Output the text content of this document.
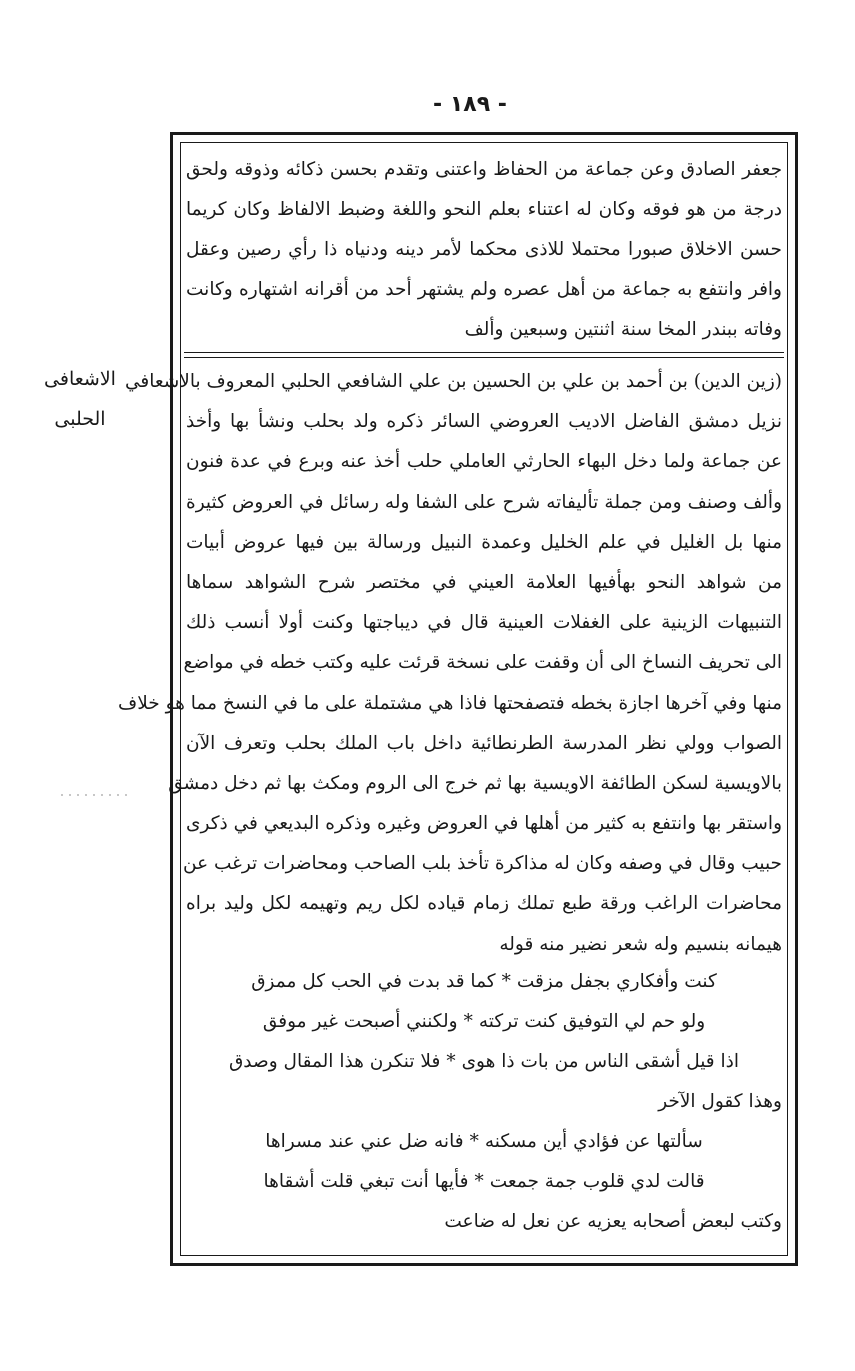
- ١٨٩ -
الاشعافى
الحلبى
جعفر الصادق وعن جماعة من الحفاظ واعتنى وتقدم بحسن ذكائه وذوقه ولحق
درجة من هو فوقه وكان له اعتناء بعلم النحو واللغة وضبط الالفاظ وكان كريما
حسن الاخلاق صبورا محتملا للاذى محكما لأمر دينه ودنياه ذا رأي رصين وعقل
وافر وانتفع به جماعة من أهل عصره ولم يشتهر أحد من أقرانه اشتهاره وكانت
وفاته ببندر المخا سنة اثنتين وسبعين وألف
(زين الدين) بن أحمد بن علي بن الحسين بن علي الشافعي الحلبي المعروف بالاشعافي
نزيل دمشق الفاضل الاديب العروضي السائر ذكره ولد بحلب ونشأ بها وأخذ
عن جماعة ولما دخل البهاء الحارثي العاملي حلب أخذ عنه وبرع في عدة فنون
وألف وصنف ومن جملة تأليفاته شرح على الشفا وله رسائل في العروض كثيرة
منها بل الغليل في علم الخليل وعمدة النبيل ورسالة بين فيها عروض أبيات
من شواهد النحو بهأفيها العلامة العيني في مختصر شرح الشواهد سماها
التنبيهات الزينية على الغفلات العينية قال في ديباجتها وكنت أولا أنسب ذلك
الى تحريف النساخ الى أن وقفت على نسخة قرئت عليه وكتب خطه في مواضع
منها وفي آخرها اجازة بخطه فتصفحتها فاذا هي مشتملة على ما في النسخ مما هو خلاف
الصواب وولي نظر المدرسة الطرنطائية داخل باب الملك بحلب وتعرف الآن
بالاويسية لسكن الطائفة الاويسية بها ثم خرج الى الروم ومكث بها ثم دخل دمشق
واستقر بها وانتفع به كثير من أهلها في العروض وغيره وذكره البديعي في ذكرى
حبيب وقال في وصفه وكان له مذاكرة تأخذ بلب الصاحب ومحاضرات ترغب عن
محاضرات الراغب ورقة طبع تملك زمام قياده لكل ريم وتهيمه لكل وليد براه
هيمانه بنسيم وله شعر نضير منه قوله
كنت وأفكاري بجفل مزقت*كما قد بدت في الحب كل ممزق
ولو حم لي التوفيق كنت تركته*ولكنني أصبحت غير موفق
اذا قيل أشقى الناس من بات ذا هوى*فلا تنكرن هذا المقال وصدق
وهذا كقول الآخر
سألتها عن فؤادي أين مسكنه*فانه ضل عني عند مسراها
قالت لدي قلوب جمة جمعت*فأيها أنت تبغي قلت أشقاها
وكتب لبعض أصحابه يعزيه عن نعل له ضاعت
